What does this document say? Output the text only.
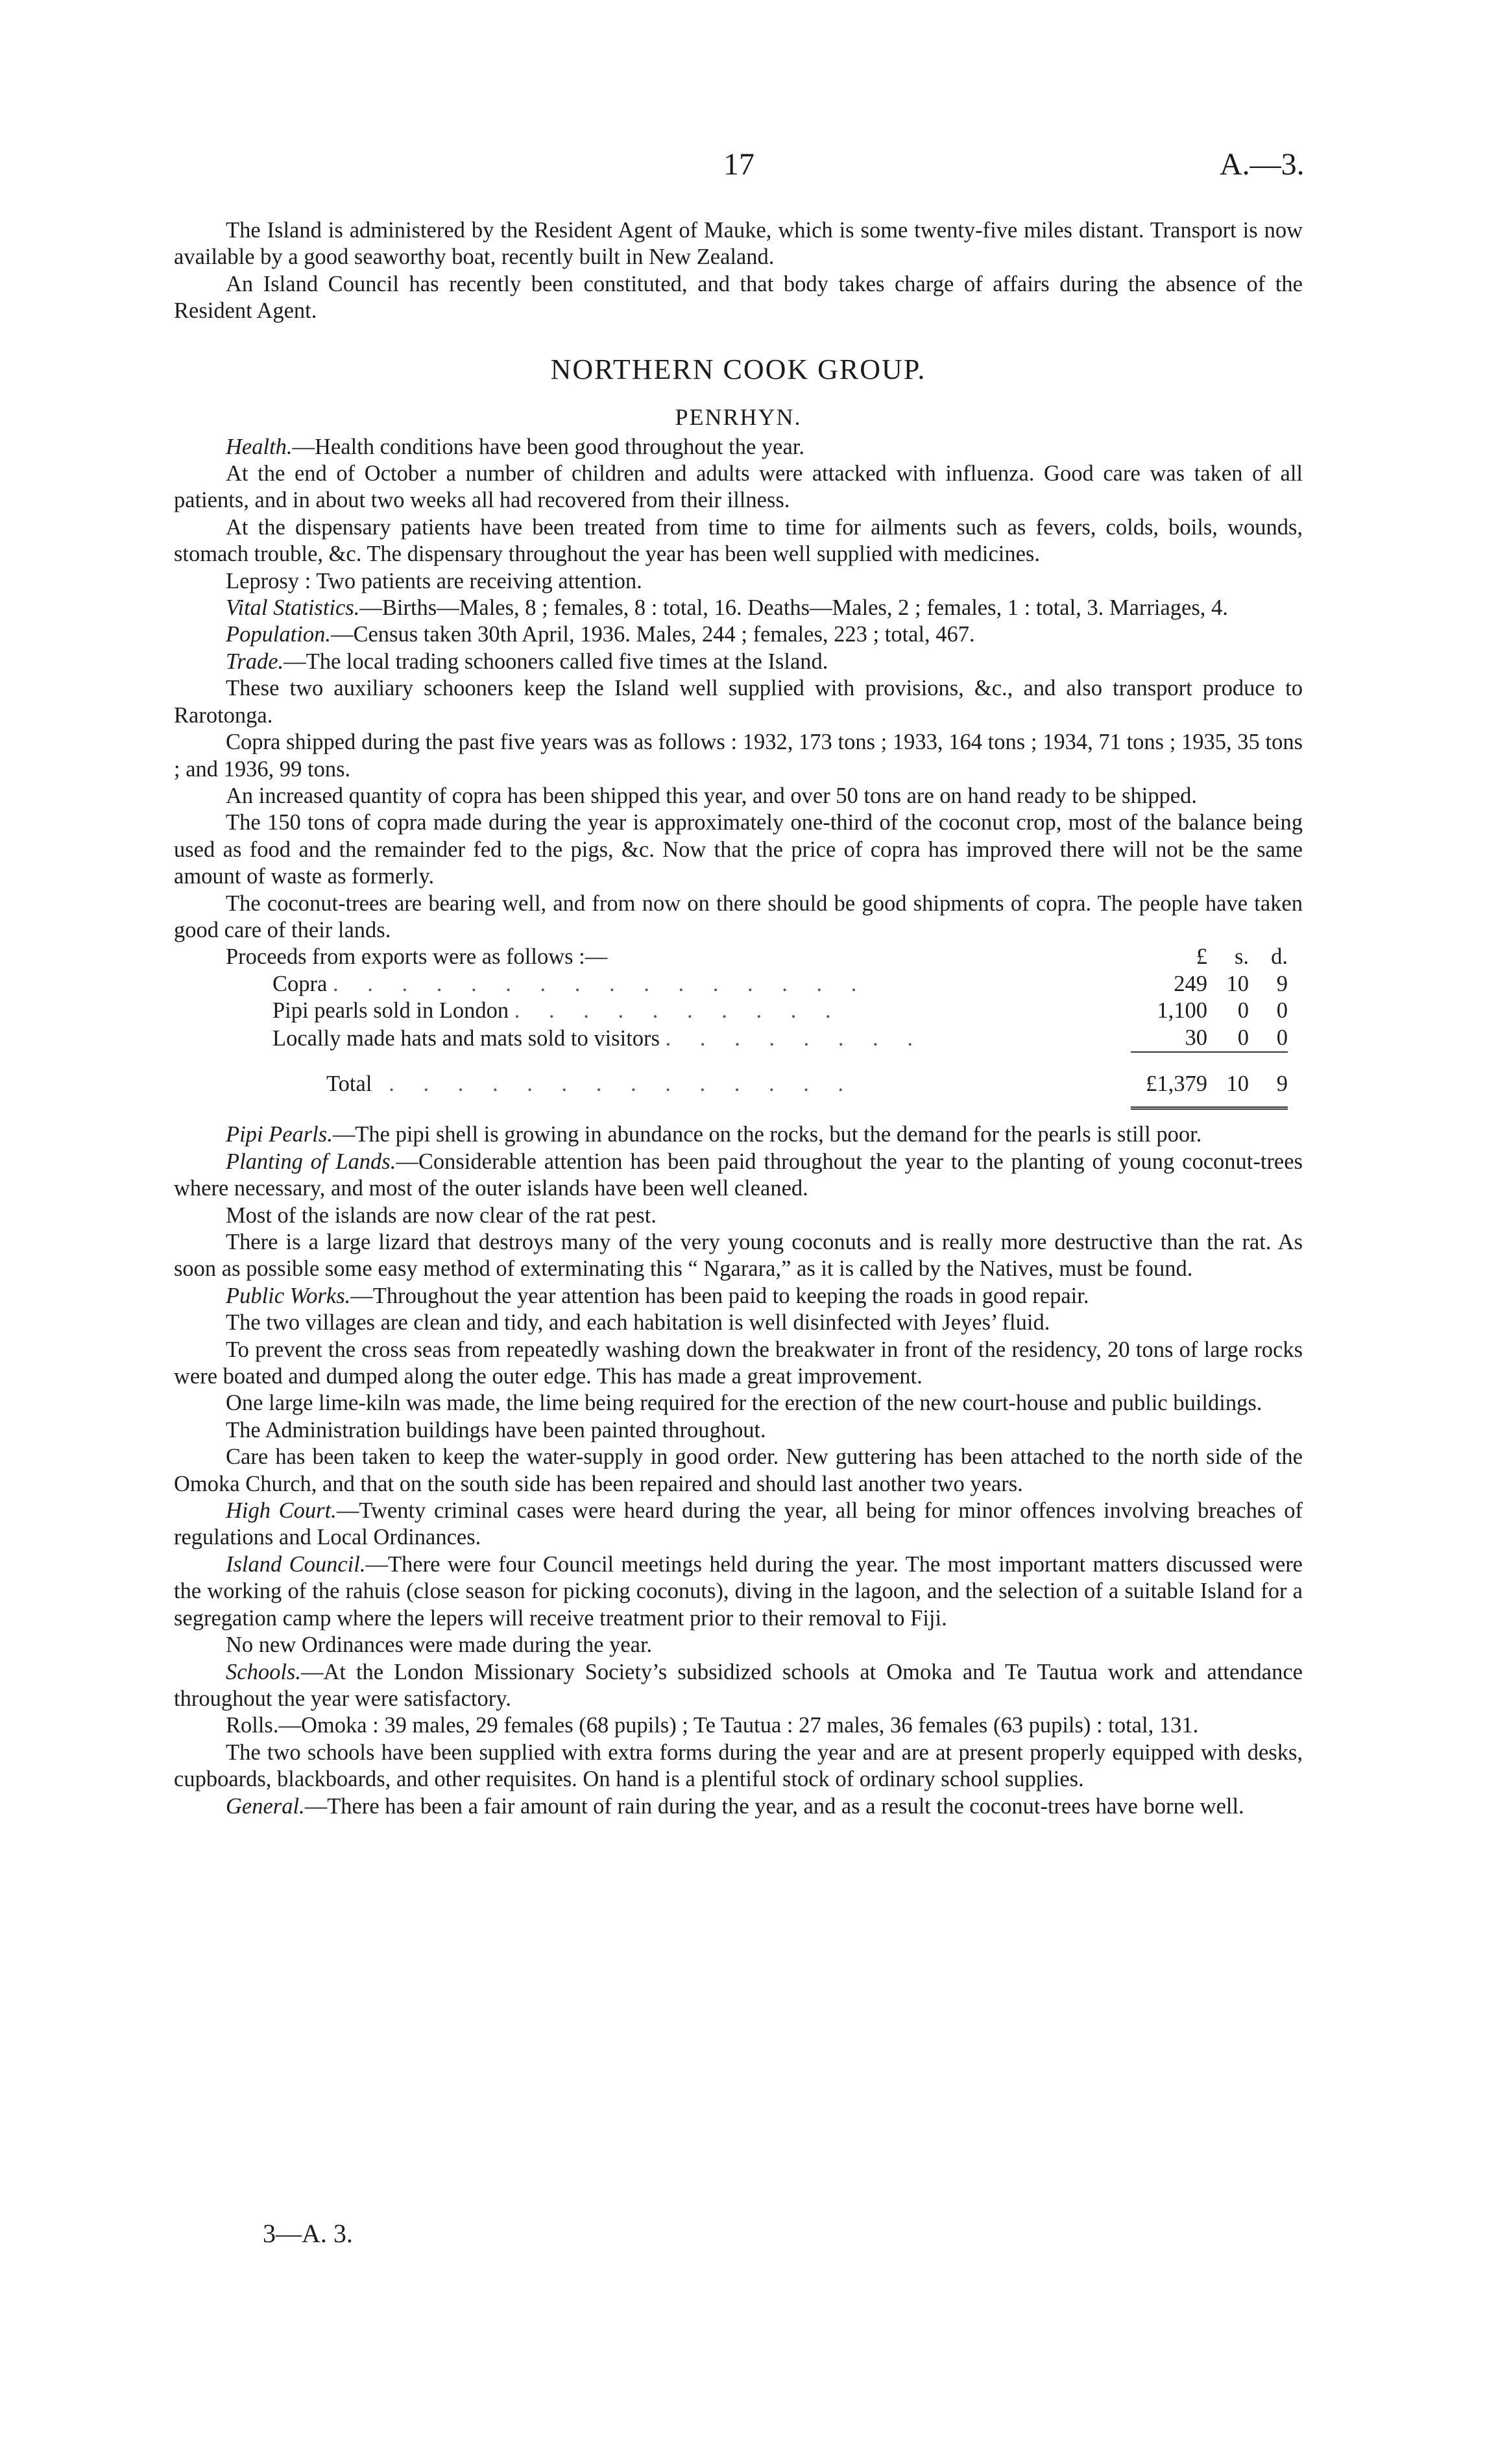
17	A.—3.

The Island is administered by the Resident Agent of Mauke, which is some twenty-five miles distant. Transport is now available by a good seaworthy boat, recently built in New Zealand.

An Island Council has recently been constituted, and that body takes charge of affairs during the absence of the Resident Agent.

NORTHERN COOK GROUP.
PENRHYN.

Health.—Health conditions have been good throughout the year.

At the end of October a number of children and adults were attacked with influenza. Good care was taken of all patients, and in about two weeks all had recovered from their illness.

At the dispensary patients have been treated from time to time for ailments such as fevers, colds, boils, wounds, stomach trouble, &c. The dispensary throughout the year has been well supplied with medicines.

Leprosy : Two patients are receiving attention.

Vital Statistics.—Births—Males, 8 ; females, 8 : total, 16. Deaths—Males, 2 ; females, 1 : total, 3. Marriages, 4.

Population.—Census taken 30th April, 1936. Males, 244 ; females, 223 ; total, 467.

Trade.—The local trading schooners called five times at the Island.

These two auxiliary schooners keep the Island well supplied with provisions, &c., and also transport produce to Rarotonga.

Copra shipped during the past five years was as follows : 1932, 173 tons ; 1933, 164 tons ; 1934, 71 tons ; 1935, 35 tons ; and 1936, 99 tons.

An increased quantity of copra has been shipped this year, and over 50 tons are on hand ready to be shipped.

The 150 tons of copra made during the year is approximately one-third of the coconut crop, most of the balance being used as food and the remainder fed to the pigs, &c. Now that the price of copra has improved there will not be the same amount of waste as formerly.

The coconut-trees are bearing well, and from now on there should be good shipments of copra. The people have taken good care of their lands.

Proceeds from exports were as follows :—	£	s.	d.
Copra . . . . . . . . . . . . . . . .	249	10	9
Pipi pearls sold in London . . . . . . . . . .	1,100	0	0
Locally made hats and mats sold to visitors . . . . . . . .	30	0	0
Total . . . . . . . . . . . . . .	£1,379	10	9

Pipi Pearls.—The pipi shell is growing in abundance on the rocks, but the demand for the pearls is still poor.

Planting of Lands.—Considerable attention has been paid throughout the year to the planting of young coconut-trees where necessary, and most of the outer islands have been well cleaned.

Most of the islands are now clear of the rat pest.

There is a large lizard that destroys many of the very young coconuts and is really more destructive than the rat. As soon as possible some easy method of exterminating this “ Ngarara,” as it is called by the Natives, must be found.

Public Works.—Throughout the year attention has been paid to keeping the roads in good repair.

The two villages are clean and tidy, and each habitation is well disinfected with Jeyes’ fluid.

To prevent the cross seas from repeatedly washing down the breakwater in front of the residency, 20 tons of large rocks were boated and dumped along the outer edge. This has made a great improvement.

One large lime-kiln was made, the lime being required for the erection of the new court-house and public buildings.

The Administration buildings have been painted throughout.

Care has been taken to keep the water-supply in good order. New guttering has been attached to the north side of the Omoka Church, and that on the south side has been repaired and should last another two years.

High Court.—Twenty criminal cases were heard during the year, all being for minor offences involving breaches of regulations and Local Ordinances.

Island Council.—There were four Council meetings held during the year. The most important matters discussed were the working of the rahuis (close season for picking coconuts), diving in the lagoon, and the selection of a suitable Island for a segregation camp where the lepers will receive treatment prior to their removal to Fiji.

No new Ordinances were made during the year.

Schools.—At the London Missionary Society’s subsidized schools at Omoka and Te Tautua work and attendance throughout the year were satisfactory.

Rolls.—Omoka : 39 males, 29 females (68 pupils) ; Te Tautua : 27 males, 36 females (63 pupils) : total, 131.

The two schools have been supplied with extra forms during the year and are at present properly equipped with desks, cupboards, blackboards, and other requisites. On hand is a plentiful stock of ordinary school supplies.

General.—There has been a fair amount of rain during the year, and as a result the coconut-trees have borne well.

3—A. 3.
